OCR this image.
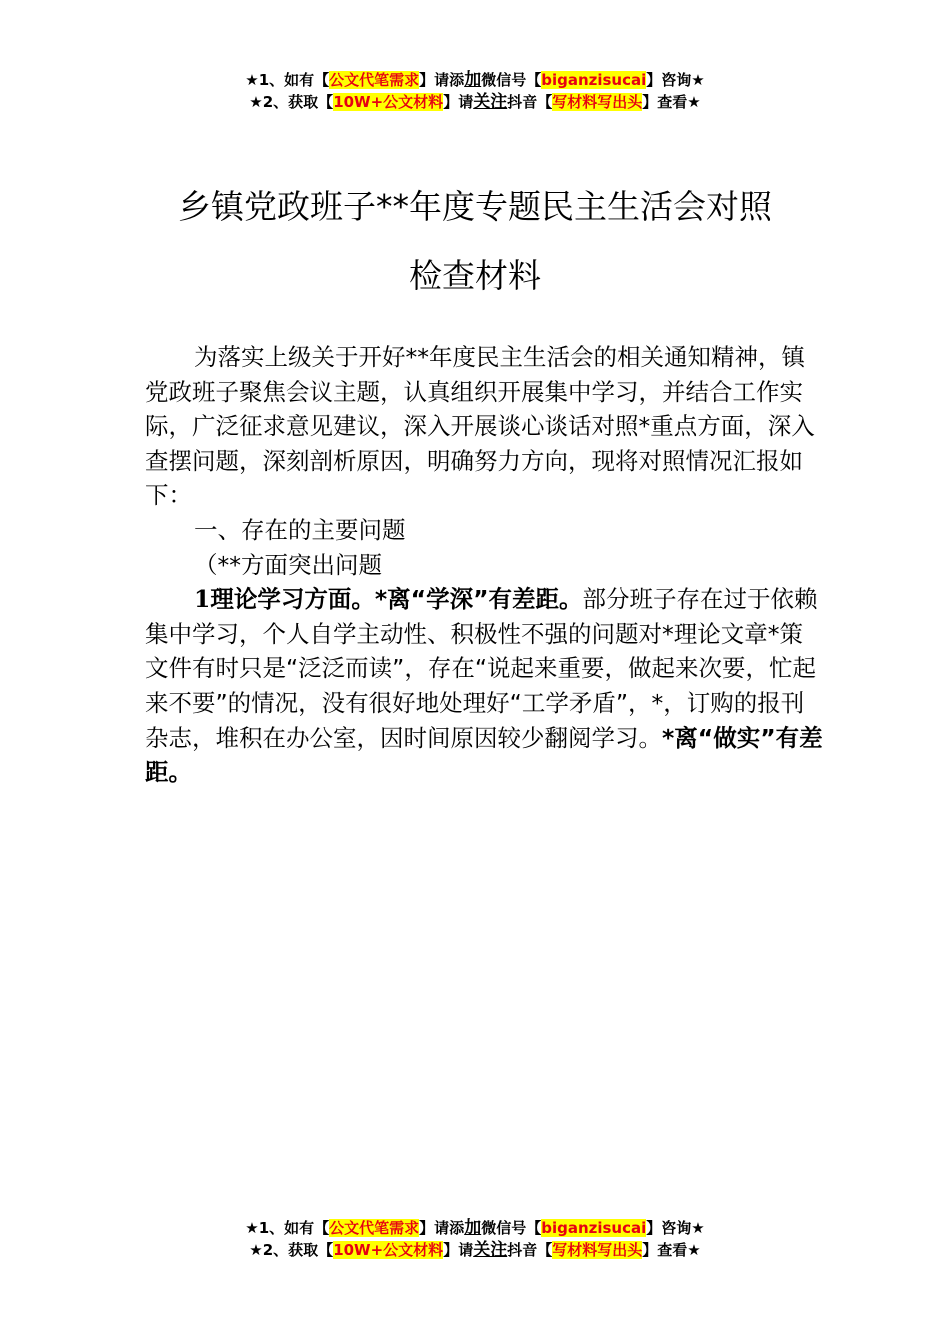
★1、如有【公文代笔需求】请添加微信号【biganzisucai】咨询★
★2、获取【10W+公文材料】请关注抖音【写材料写出头】查看★
乡镇党政班子**年度专题民主生活会对照
检查材料

为落实上级关于开好**年度民主生活会的相关通知精神，镇党政班子聚焦会议主题，认真组织开展集中学习，并结合工作实际，广泛征求意见建议，深入开展谈心谈话对照*重点方面，深入查摆问题，深刻剖析原因，明确努力方向，现将对照情况汇报如下：

一、存在的主要问题

（**方面突出问题

1理论学习方面。*离“学深”有差距。部分班子存在过于依赖集中学习，个人自学主动性、积极性不强的问题对*理论文章*策文件有时只是“泛泛而读”，存在“说起来重要，做起来次要，忙起来不要”的情况，没有很好地处理好“工学矛盾”，*，订购的报刊杂志，堆积在办公室，因时间原因较少翻阅学习。*离“做实”有差距。

★1、如有【公文代笔需求】请添加微信号【biganzisucai】咨询★
★2、获取【10W+公文材料】请关注抖音【写材料写出头】查看★
